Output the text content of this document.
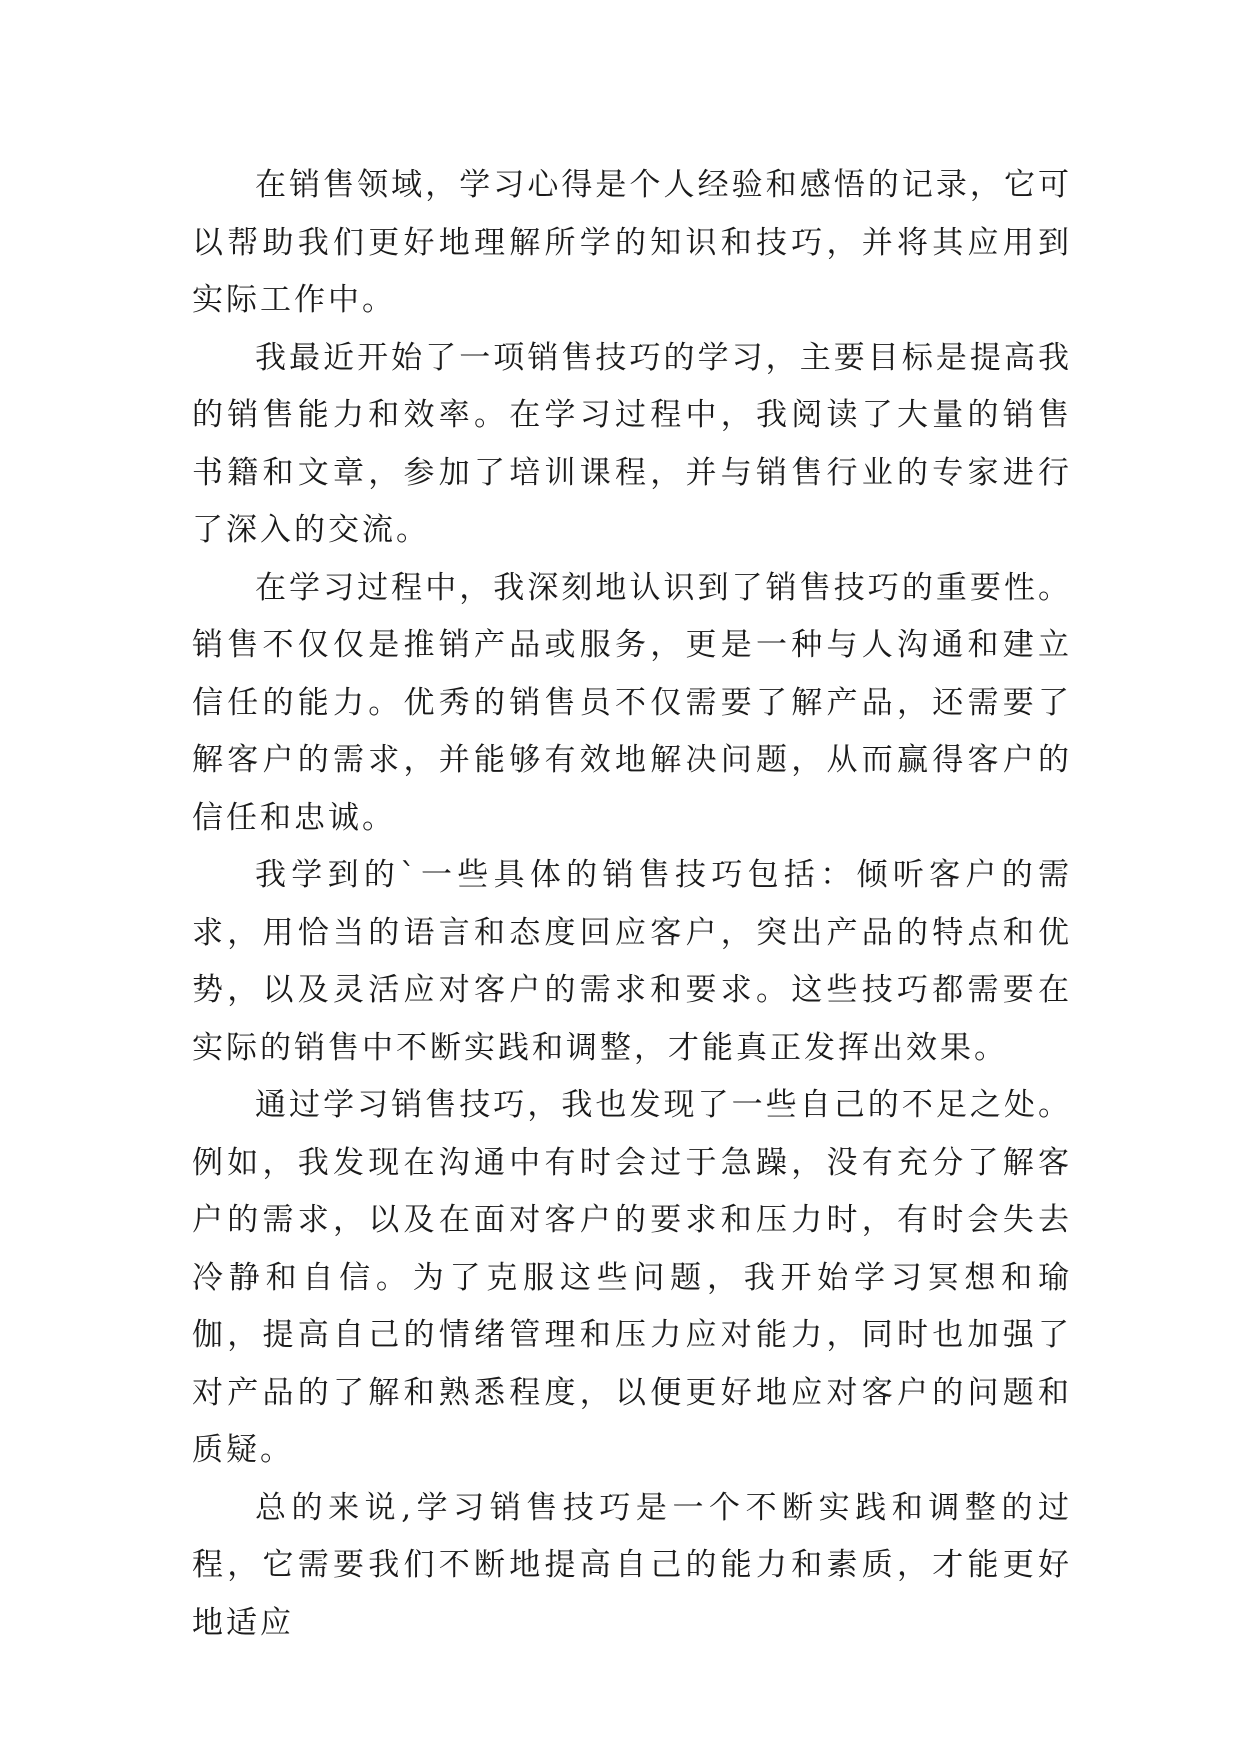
在销售领域，学习心得是个人经验和感悟的记录，它可以帮助我们更好地理解所学的知识和技巧，并将其应用到实际工作中。

我最近开始了一项销售技巧的学习，主要目标是提高我的销售能力和效率。在学习过程中，我阅读了大量的销售书籍和文章，参加了培训课程，并与销售行业的专家进行了深入的交流。

在学习过程中，我深刻地认识到了销售技巧的重要性。销售不仅仅是推销产品或服务，更是一种与人沟通和建立信任的能力。优秀的销售员不仅需要了解产品，还需要了解客户的需求，并能够有效地解决问题，从而赢得客户的信任和忠诚。

我学到的`一些具体的销售技巧包括：倾听客户的需求，用恰当的语言和态度回应客户，突出产品的特点和优势，以及灵活应对客户的需求和要求。这些技巧都需要在实际的销售中不断实践和调整，才能真正发挥出效果。

通过学习销售技巧，我也发现了一些自己的不足之处。例如，我发现在沟通中有时会过于急躁，没有充分了解客户的需求，以及在面对客户的要求和压力时，有时会失去冷静和自信。为了克服这些问题，我开始学习冥想和瑜伽，提高自己的情绪管理和压力应对能力，同时也加强了对产品的了解和熟悉程度，以便更好地应对客户的问题和质疑。

总的来说,学习销售技巧是一个不断实践和调整的过程，它需要我们不断地提高自己的能力和素质，才能更好地适应
